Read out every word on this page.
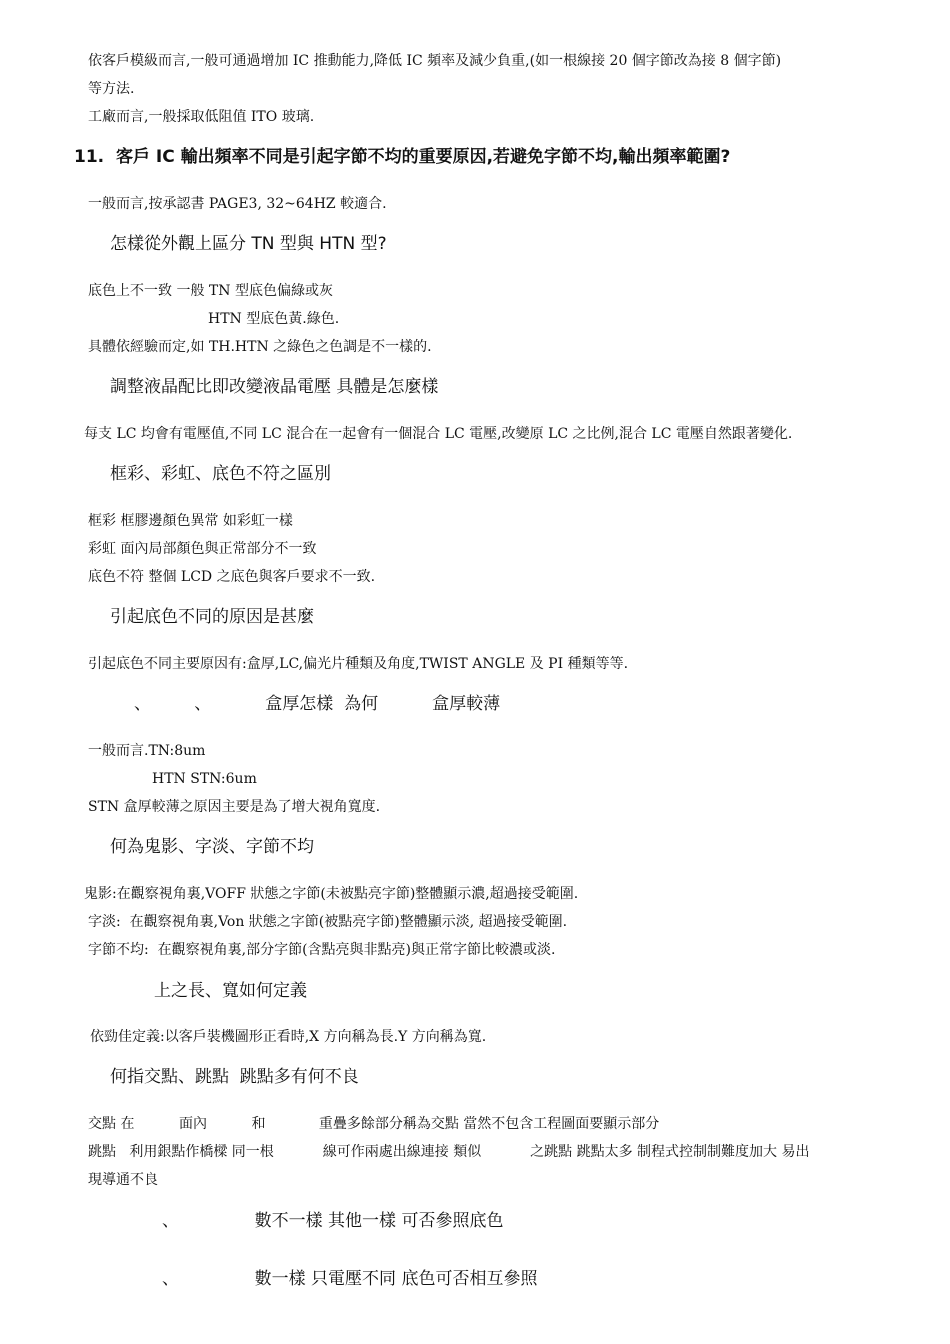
依客戶模級而言,一般可通過增加 IC 推動能力,降低 IC 頻率及減少負重,(如一根線接 20 個字節改為接 8 個字節)
等方法.
工廠而言,一般採取低阻值 ITO 玻璃.
11.  客戶 IC 輸出頻率不同是引起字節不均的重要原因,若避免字節不均,輸出頻率範圍?
一般而言,按承認書 PAGE3, 32~64HZ 較適合.
怎樣從外觀上區分 TN 型與 HTN 型?
底色上不一致 一般 TN 型底色偏綠或灰
HTN 型底色黃.綠色.
具體依經驗而定,如 TH.HTN 之綠色之色調是不一樣的.
調整液晶配比即改變液晶電壓 具體是怎麼樣
每支 LC 均會有電壓值,不同 LC 混合在一起會有一個混合 LC 電壓,改變原 LC 之比例,混合 LC 電壓自然跟著變化.
框彩、彩虹、底色不符之區別
框彩 框膠邊顏色異常 如彩虹一樣
彩虹 面內局部顏色與正常部分不一致
底色不符 整個 LCD 之底色與客戶要求不一致.
引起底色不同的原因是甚麼
引起底色不同主要原因有:盒厚,LC,偏光片種類及角度,TWIST ANGLE 及 PI 種類等等.
、        、          盒厚怎樣  為何          盒厚較薄
一般而言.TN:8um
HTN STN:6um
STN 盒厚較薄之原因主要是為了增大視角寬度.
何為鬼影、字淡、字節不均
鬼影:在觀察視角裏,VOFF 狀態之字節(未被點亮字節)整體顯示濃,超過接受範圍.
字淡:  在觀察視角裏,Von 狀態之字節(被點亮字節)整體顯示淡, 超過接受範圍.
字節不均:  在觀察視角裏,部分字節(含點亮與非點亮)與正常字節比較濃或淡.
上之長、寬如何定義
依勁佳定義:以客戶裝機圖形正看時,X 方向稱為長.Y 方向稱為寬.
何指交點、跳點  跳點多有何不良
交點 在          面內          和            重疊多餘部分稱為交點 當然不包含工程圖面要顯示部分
跳點   利用銀點作橋樑 同一根           線可作兩處出線連接 類似           之跳點 跳點太多 制程式控制制難度加大 易出
現導通不良
、              數不一樣 其他一樣 可否參照底色
、              數一樣 只電壓不同 底色可否相互參照
